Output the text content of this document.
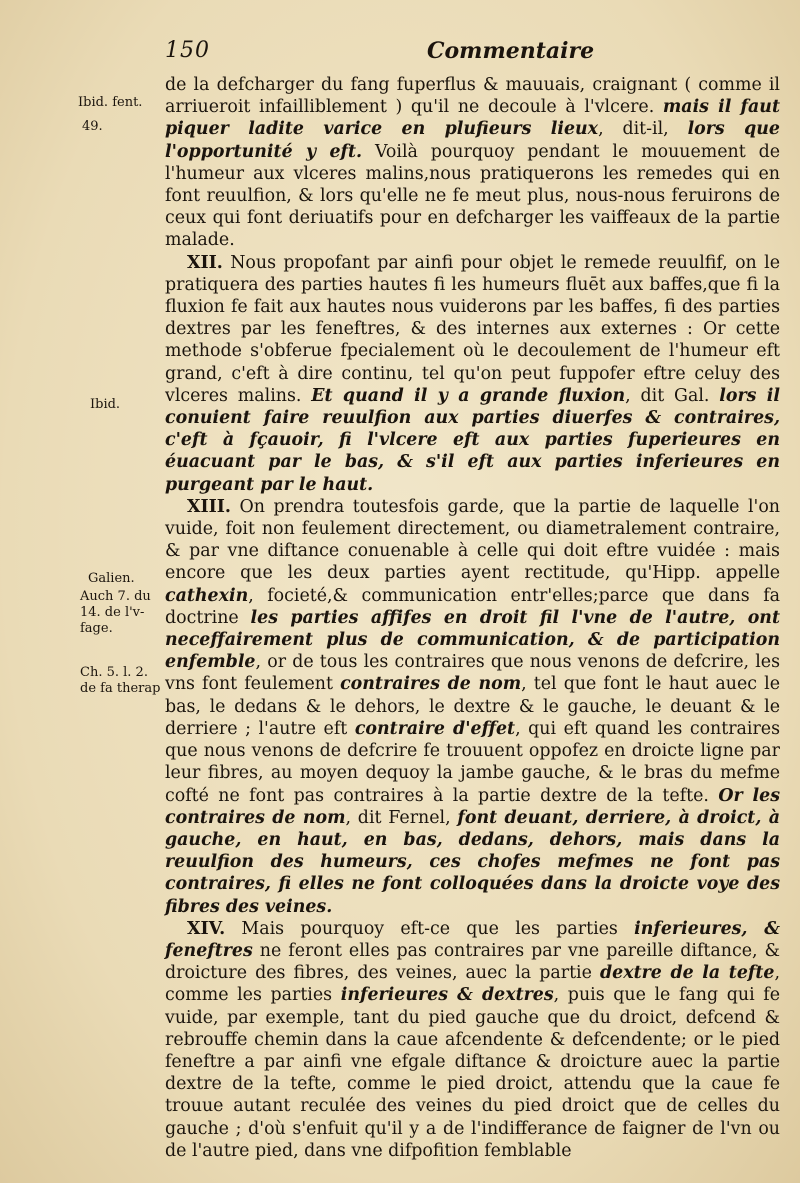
150	Commentaire
Ibid. fent.
49.
Ibid.
Galien.
Auch 7. du
14. de l'v-
fage.
Ch. 5. l. 2.
de fa therap

de la defcharger du fang fuperflus & mauuais, craignant ( comme il arriueroit infailliblement ) qu'il ne decoule à l'vlcere. mais il faut piquer ladite varice en plufieurs lieux, dit-il, lors que l'opportunité y eft. Voilà pourquoy pendant le mouuement de l'humeur aux vlceres malins,nous pratiquerons les remedes qui en font reuulfion, & lors qu'elle ne fe meut plus, nous-nous feruirons de ceux qui font deriuatifs pour en defcharger les vaiffeaux de la partie malade.

XII. Nous propofant par ainfi pour objet le remede reuulfif, on le pratiquera des parties hautes fi les humeurs fluēt aux baffes,que fi la fluxion fe fait aux hautes nous vuiderons par les baffes, fi des parties dextres par les feneftres, & des internes aux externes : Or cette methode s'obferue fpecialement où le decoulement de l'humeur eft grand, c'eft à dire continu, tel qu'on peut fuppofer eftre celuy des vlceres malins. Et quand il y a grande fluxion, dit Gal. lors il conuient faire reuulfion aux parties diuerfes & contraires, c'eft à fçauoir, fi l'vlcere eft aux parties fuperieures en éuacuant par le bas, & s'il eft aux parties inferieures en purgeant par le haut.

XIII. On prendra toutesfois garde, que la partie de laquelle l'on vuide, foit non feulement directement, ou diametralement contraire, & par vne diftance conuenable à celle qui doit eftre vuidée : mais encore que les deux parties ayent rectitude, qu'Hipp. appelle cathexin, focieté,& communication entr'elles;parce que dans fa doctrine les parties affifes en droit fil l'vne de l'autre, ont neceffairement plus de communication, & de participation enfemble, or de tous les contraires que nous venons de defcrire, les vns font feulement contraires de nom, tel que font le haut auec le bas, le dedans & le dehors, le dextre & le gauche, le deuant & le derriere ; l'autre eft contraire d'effet, qui eft quand les contraires que nous venons de defcrire fe trouuent oppofez en droicte ligne par leur fibres, au moyen dequoy la jambe gauche, & le bras du mefme cofté ne font pas contraires à la partie dextre de la tefte. Or les contraires de nom, dit Fernel, font deuant, derriere, à droict, à gauche, en haut, en bas, dedans, dehors, mais dans la reuulfion des humeurs, ces chofes mefmes ne font pas contraires, fi elles ne font colloquées dans la droicte voye des fibres des veines.

XIV. Mais pourquoy eft-ce que les parties inferieures, & feneftres ne feront elles pas contraires par vne pareille diftance, & droicture des fibres, des veines, auec la partie dextre de la tefte, comme les parties inferieures & dextres, puis que le fang qui fe vuide, par exemple, tant du pied gauche que du droict, defcend & rebrouffe chemin dans la caue afcendente & defcendente; or le pied feneftre a par ainfi vne efgale diftance & droicture auec la partie dextre de la tefte, comme le pied droict, attendu que la caue fe trouue autant reculée des veines du pied droict que de celles du gauche ; d'où s'enfuit qu'il y a de l'indifferance de faigner de l'vn ou de l'autre pied, dans vne difpofition femblable
